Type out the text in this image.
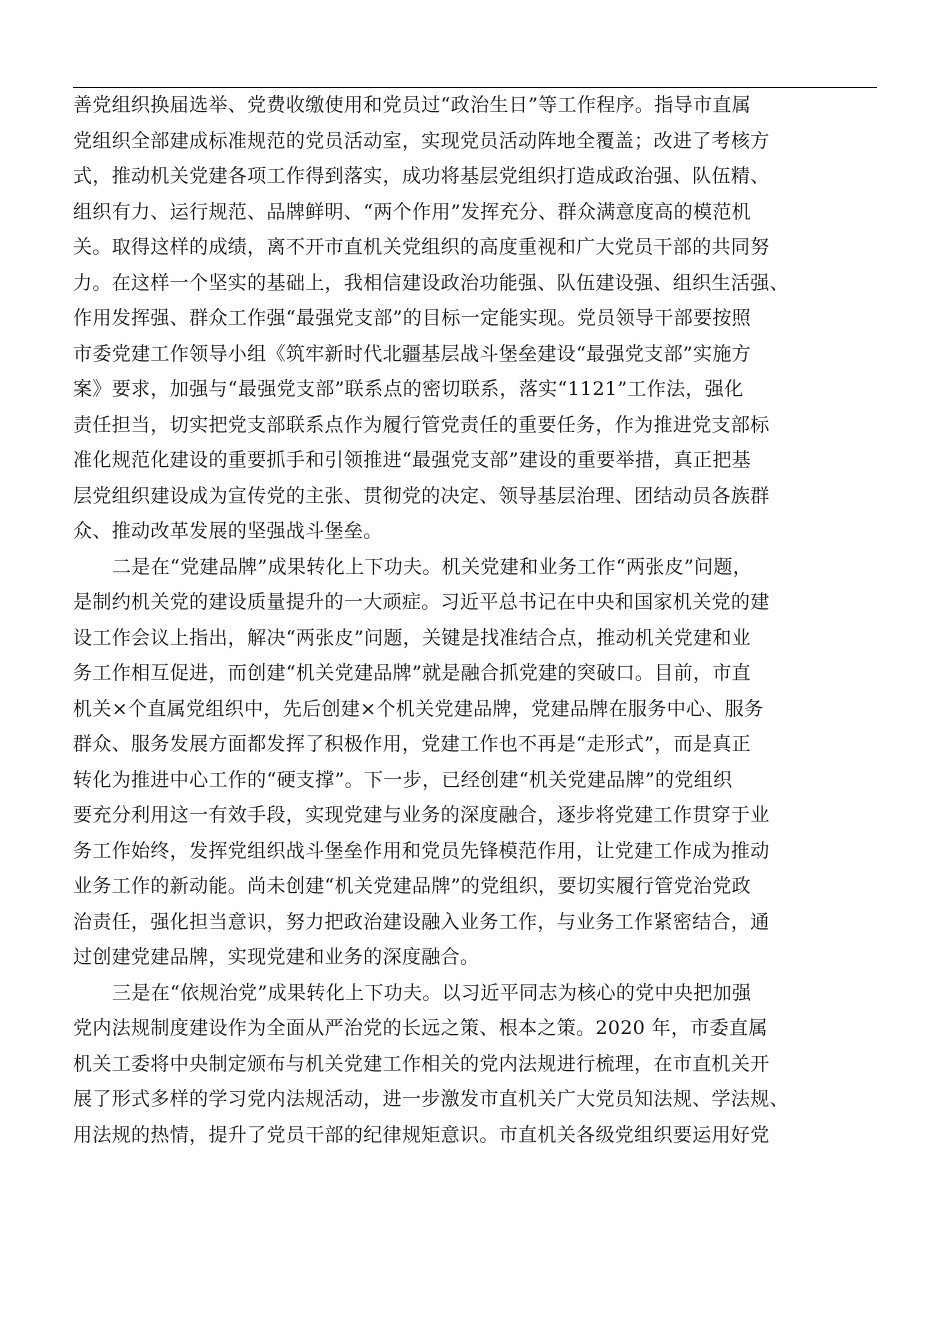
善党组织换届选举、党费收缴使用和党员过“政治生日”等工作程序。指导市直属
党组织全部建成标准规范的党员活动室，实现党员活动阵地全覆盖；改进了考核方
式，推动机关党建各项工作得到落实，成功将基层党组织打造成政治强、队伍精、
组织有力、运行规范、品牌鲜明、“两个作用”发挥充分、群众满意度高的模范机
关。取得这样的成绩，离不开市直机关党组织的高度重视和广大党员干部的共同努
力。在这样一个坚实的基础上，我相信建设政治功能强、队伍建设强、组织生活强、
作用发挥强、群众工作强“最强党支部”的目标一定能实现。党员领导干部要按照
市委党建工作领导小组《筑牢新时代北疆基层战斗堡垒建设“最强党支部”实施方
案》要求，加强与“最强党支部”联系点的密切联系，落实“1121”工作法，强化
责任担当，切实把党支部联系点作为履行管党责任的重要任务，作为推进党支部标
准化规范化建设的重要抓手和引领推进“最强党支部”建设的重要举措，真正把基
层党组织建设成为宣传党的主张、贯彻党的决定、领导基层治理、团结动员各族群
众、推动改革发展的坚强战斗堡垒。
二是在“党建品牌”成果转化上下功夫。机关党建和业务工作“两张皮”问题，
是制约机关党的建设质量提升的一大顽症。习近平总书记在中央和国家机关党的建
设工作会议上指出，解决“两张皮”问题，关键是找准结合点，推动机关党建和业
务工作相互促进，而创建“机关党建品牌”就是融合抓党建的突破口。目前，市直
机关×个直属党组织中，先后创建×个机关党建品牌，党建品牌在服务中心、服务
群众、服务发展方面都发挥了积极作用，党建工作也不再是“走形式”，而是真正
转化为推进中心工作的“硬支撑”。下一步，已经创建“机关党建品牌”的党组织
要充分利用这一有效手段，实现党建与业务的深度融合，逐步将党建工作贯穿于业
务工作始终，发挥党组织战斗堡垒作用和党员先锋模范作用，让党建工作成为推动
业务工作的新动能。尚未创建“机关党建品牌”的党组织，要切实履行管党治党政
治责任，强化担当意识，努力把政治建设融入业务工作，与业务工作紧密结合，通
过创建党建品牌，实现党建和业务的深度融合。
三是在“依规治党”成果转化上下功夫。以习近平同志为核心的党中央把加强
党内法规制度建设作为全面从严治党的长远之策、根本之策。2020 年，市委直属
机关工委将中央制定颁布与机关党建工作相关的党内法规进行梳理，在市直机关开
展了形式多样的学习党内法规活动，进一步激发市直机关广大党员知法规、学法规、
用法规的热情，提升了党员干部的纪律规矩意识。市直机关各级党组织要运用好党
